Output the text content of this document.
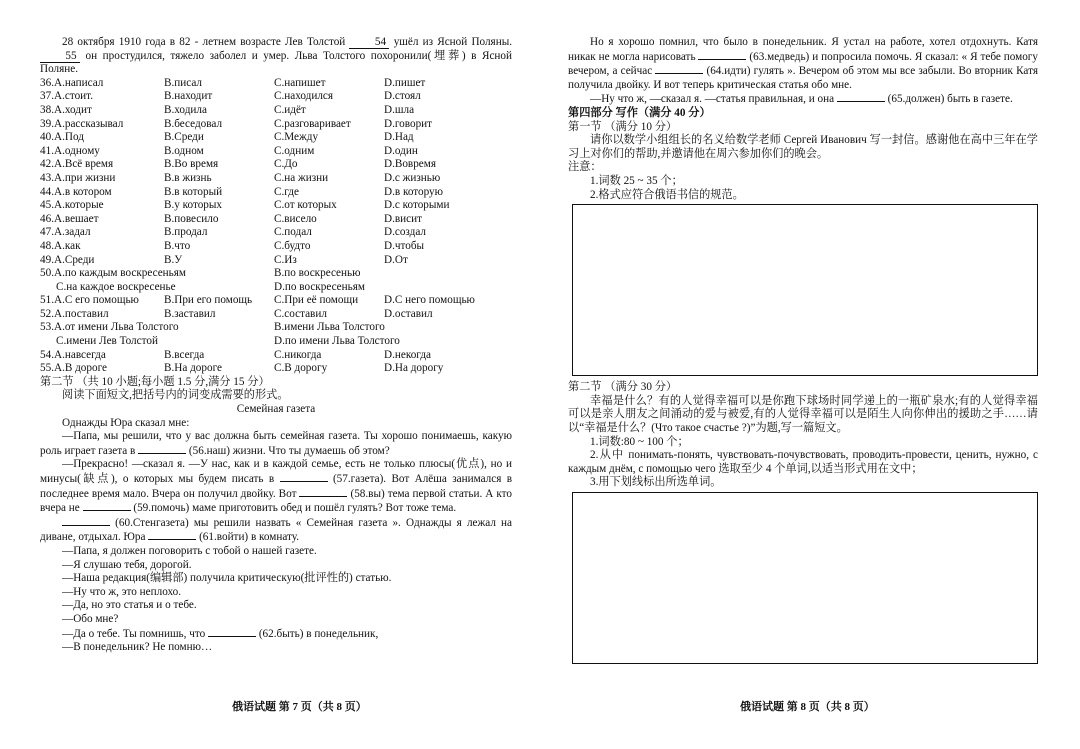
28 октября 1910 года в 82 - летнем возрасте Лев Толстой	54 ушёл из Ясной Поляны. 55 он простудился, тяжело заболел и умер. Льва Толстого похоронили(埋葬) в Ясной Поляне.

36.A.написал	B.писал	C.напишет	D.пишет
37.A.стоит.	B.находит	C.находился	D.стоял
38.A.ходит	B.ходила	C.идёт	D.шла
39.A.рассказывал	B.беседовал	C.разговаривает	D.говорит
40.A.Под	B.Среди	C.Между	D.Над
41.A.одному	B.одном	C.одним	D.один
42.A.Всё время	B.Во время	C.До	D.Вовремя
43.A.при жизни	B.в жизнь	C.на жизни	D.с жизнью
44.A.в котором	B.в который	C.где	D.в которую
45.A.которые	B.у которых	C.от которых	D.с которыми
46.A.вешает	B.повесило	C.висело	D.висит
47.A.задал	B.продал	C.подал	D.создал
48.A.как	B.что	C.будто	D.чтобы
49.A.Среди	B.У	C.Из	D.От
50.A.по каждым воскресеньям	B.по воскресенью
C.на каждое воскресенье	D.по воскресеньям
51.A.С его помощью	B.При его помощь	C.При её помощи	D.С него помощью
52.A.поставил	B.заставил	C.составил	D.оставил
53.A.от имени Льва Толстого	B.имени Льва Толстого
C.имени Лев Толстой	D.по имени Льва Толстого
54.A.навсегда	B.всегда	C.никогда	D.некогда
55.A.В дороге	B.На дороге	C.В дорогу	D.На дорогу

第二节 （共 10 小题;每小题 1.5 分,满分 15 分）

阅读下面短文,把括号内的词变成需要的形式。

Семейная газета

Однажды Юра сказал мне:

—Папа, мы решили, что у вас должна быть семейная газета. Ты хорошо понимаешь, какую роль играет газета в	(56.наш) жизни. Что ты думаешь об этом?

—Прекрасно! —сказал я. —У нас, как и в каждой семье, есть не только плюсы(优点), но и минусы(缺点), о которых мы будем писать в	(57.газета). Вот Алёша занимался в последнее время мало. Вчера он получил двойку. Вот	(58.вы) тема первой статьи. А кто вчера не	(59.помочь) маме приготовить обед и пошёл гулять? Вот тоже тема.

(60.Стенгазета) мы решили назвать « Семейная газета ». Однажды я лежал на диване, отдыхал. Юра	(61.войти) в комнату.

—Папа, я должен поговорить с тобой о нашей газете.

—Я слушаю тебя, дорогой.

—Наша редакция(编辑部) получила критическую(批评性的) статью.

—Ну что ж, это неплохо.

—Да, но это статья и о тебе.

—Обо мне?

—Да о тебе. Ты помнишь, что	(62.быть) в понедельник,

—В понедельник? Не помню…

俄语试题 第 7 页（共 8 页）

Но я хорошо помнил, что было в понедельник. Я устал на работе, хотел отдохнуть. Катя никак не могла нарисовать	(63.медведь) и попросила помочь. Я сказал: « Я тебе помогу вечером, а сейчас	(64.идти) гулять ». Вечером об этом мы все забыли. Во вторник Катя получила двойку. И вот теперь критическая статья обо мне.

—Ну что ж, —сказал я. —статья правильная, и она	(65.должен) быть в газете.

第四部分 写作（满分 40 分）

第一节 （满分 10 分）

请你以数学小组组长的名义给数学老师 Сергей Иванович 写一封信。感谢他在高中三年在学习上对你们的帮助,并邀请他在周六参加你们的晚会。

注意：

1.词数 25 ~ 35 个；

2.格式应符合俄语书信的规范。

第二节 （满分 30 分）

幸福是什么？有的人觉得幸福可以是你跑下球场时同学递上的一瓶矿泉水;有的人觉得幸福可以是亲人朋友之间涌动的爱与被爱,有的人觉得幸福可以是陌生人向你伸出的援助之手……请以“幸福是什么？(Что такое счастье ?)”为题,写一篇短文。

1.词数:80 ~ 100 个；

2.从中 понимать-понять, чувствовать-почувствовать, проводить-провести, ценить, нужно, с каждым днём, с помощью чего 选取至少 4 个单词,以适当形式用在文中；

3.用下划线标出所选单词。

俄语试题 第 8 页（共 8 页）
